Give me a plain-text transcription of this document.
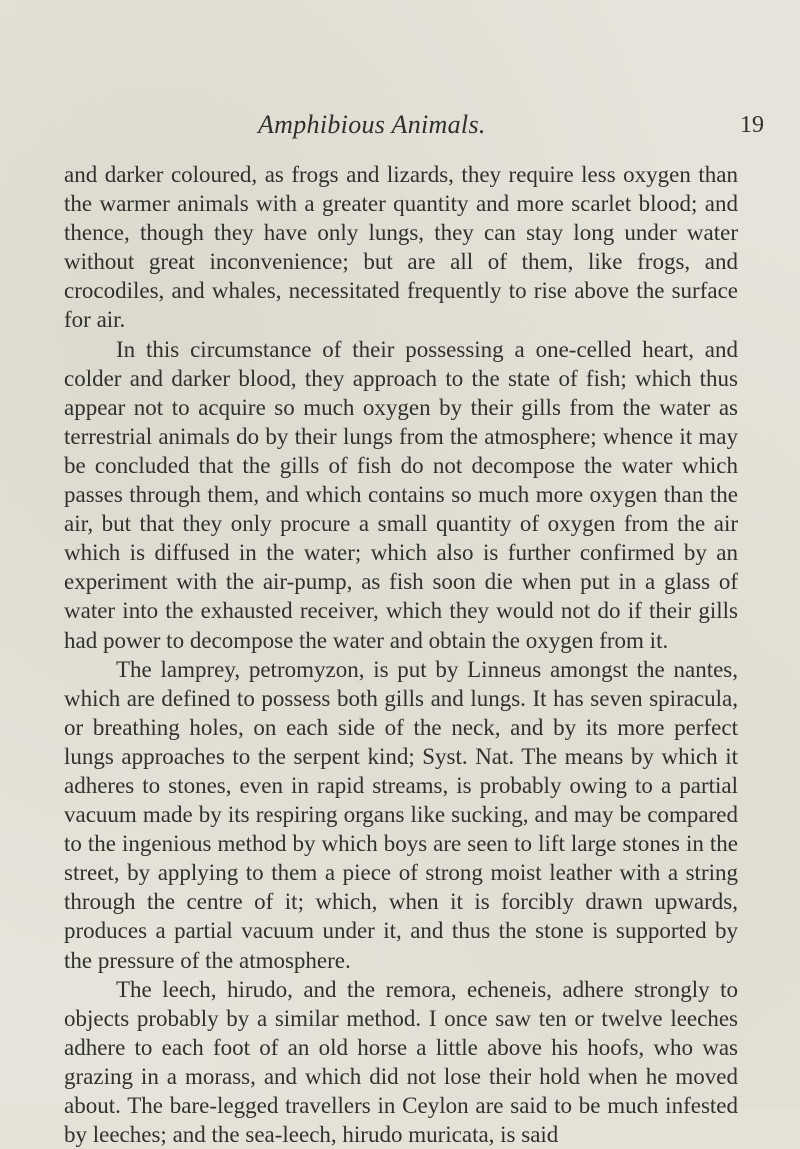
Amphibious Animals.	19

and darker coloured, as frogs and lizards, they require less oxygen than the warmer animals with a greater quantity and more scarlet blood; and thence, though they have only lungs, they can stay long under water without great inconvenience; but are all of them, like frogs, and crocodiles, and whales, necessitated frequently to rise above the surface for air.

In this circumstance of their possessing a one-celled heart, and colder and darker blood, they approach to the state of fish; which thus appear not to acquire so much oxygen by their gills from the water as terrestrial animals do by their lungs from the atmosphere; whence it may be concluded that the gills of fish do not decompose the water which passes through them, and which contains so much more oxygen than the air, but that they only procure a small quantity of oxygen from the air which is diffused in the water; which also is further confirmed by an experiment with the air-pump, as fish soon die when put in a glass of water into the exhausted receiver, which they would not do if their gills had power to decompose the water and obtain the oxygen from it.

The lamprey, petromyzon, is put by Linneus amongst the nantes, which are defined to possess both gills and lungs. It has seven spiracula, or breathing holes, on each side of the neck, and by its more perfect lungs approaches to the serpent kind; Syst. Nat. The means by which it adheres to stones, even in rapid streams, is probably owing to a partial vacuum made by its respiring organs like sucking, and may be compared to the ingenious method by which boys are seen to lift large stones in the street, by applying to them a piece of strong moist leather with a string through the centre of it; which, when it is forcibly drawn upwards, produces a partial vacuum under it, and thus the stone is supported by the pressure of the atmosphere.

The leech, hirudo, and the remora, echeneis, adhere strongly to objects probably by a similar method. I once saw ten or twelve leeches adhere to each foot of an old horse a little above his hoofs, who was grazing in a morass, and which did not lose their hold when he moved about. The bare-legged travellers in Ceylon are said to be much infested by leeches; and the sea-leech, hirudo muricata, is said
